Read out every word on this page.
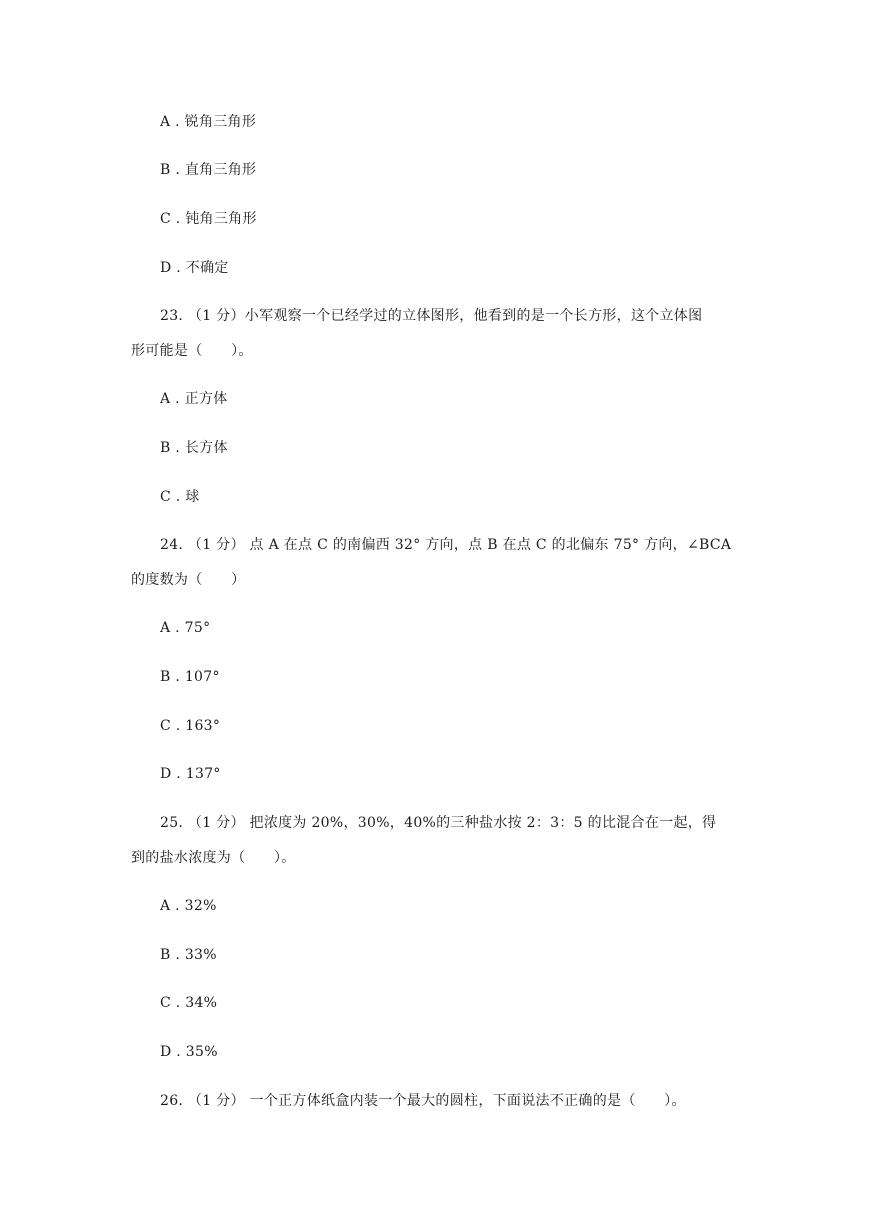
A . 锐角三角形
B . 直角三角形
C . 钝角三角形
D . 不确定
23. （1 分）小军观察一个已经学过的立体图形，他看到的是一个长方形，这个立体图
形可能是（　　）。
A . 正方体
B . 长方体
C . 球
24. （1 分） 点 A 在点 C 的南偏西 32° 方向，点 B 在点 C 的北偏东 75° 方向，∠BCA
的度数为（　　）
A . 75°
B . 107°
C . 163°
D . 137°
25. （1 分） 把浓度为 20%，30%，40%的三种盐水按 2：3：5 的比混合在一起，得
到的盐水浓度为（　　）。
A . 32%
B . 33%
C . 34%
D . 35%
26. （1 分） 一个正方体纸盒内装一个最大的圆柱，下面说法不正确的是（　　）。
